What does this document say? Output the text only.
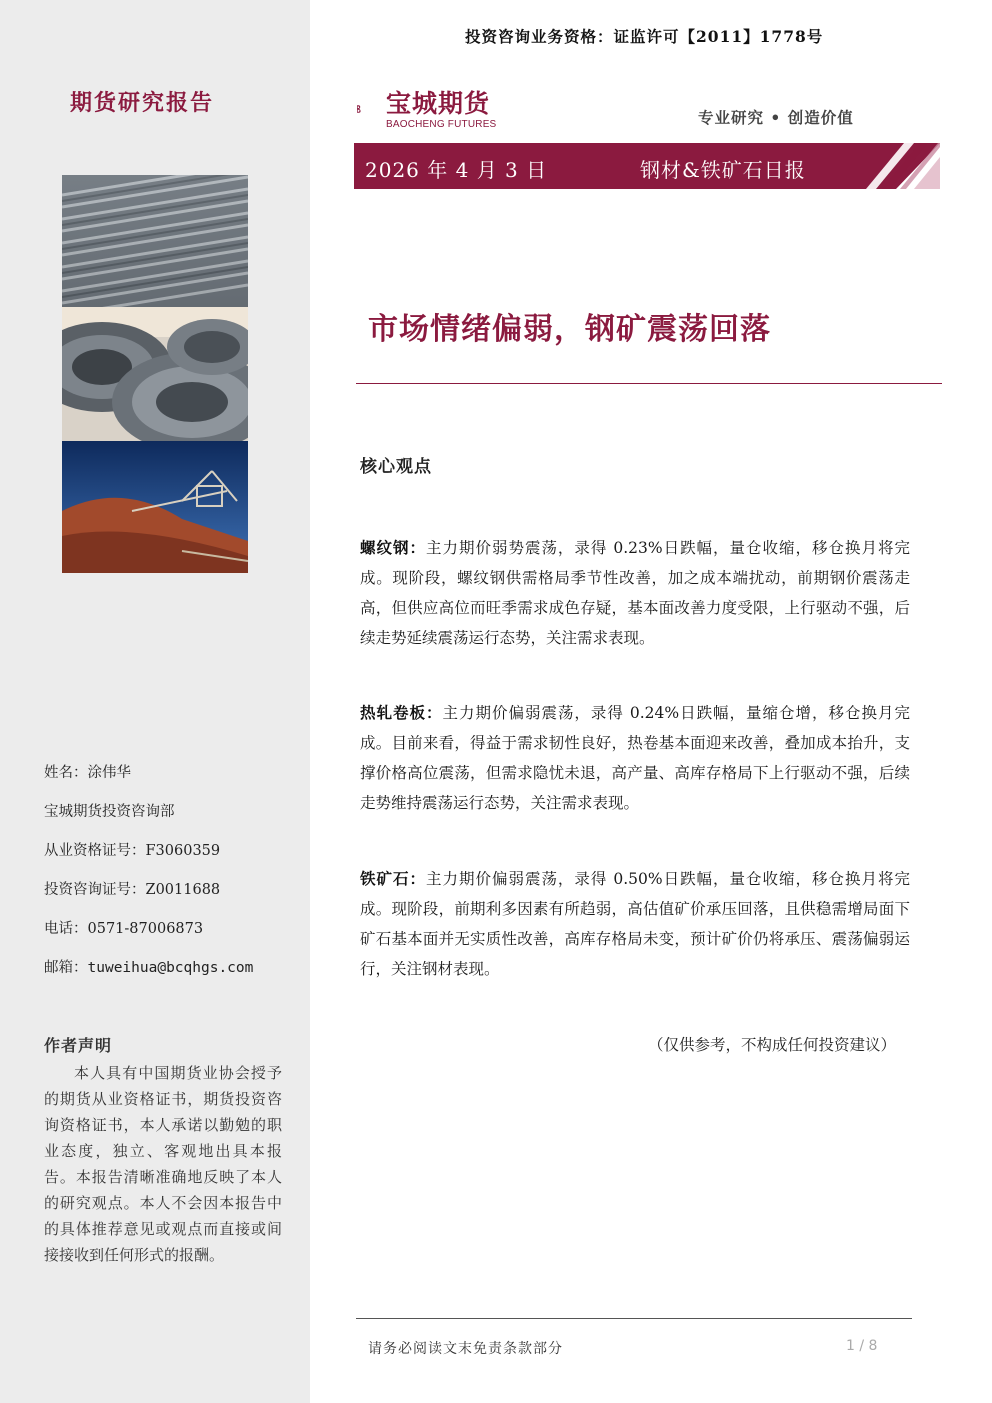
期货研究报告
姓名：涂伟华
宝城期货投资咨询部
从业资格证号：F3060359
投资咨询证号：Z0011688
电话：0571-87006873
邮箱：tuweihua@bcqhgs.com
作者声明
本人具有中国期货业协会授予的期货从业资格证书，期货投资咨询资格证书，本人承诺以勤勉的职业态度，独立、客观地出具本报告。本报告清晰准确地反映了本人的研究观点。本人不会因本报告中的具体推荐意见或观点而直接或间接接收到任何形式的报酬。
投资咨询业务资格：证监许可【2011】1778号
宝城期货
BAOCHENG FUTURES	专业研究 • 创造价值
2026 年 4 月 3 日	钢材&铁矿石日报
市场情绪偏弱，钢矿震荡回落
核心观点
螺纹钢：主力期价弱势震荡，录得 0.23%日跌幅，量仓收缩，移仓换月将完成。现阶段，螺纹钢供需格局季节性改善，加之成本端扰动，前期钢价震荡走高，但供应高位而旺季需求成色存疑，基本面改善力度受限，上行驱动不强，后续走势延续震荡运行态势，关注需求表现。
热轧卷板：主力期价偏弱震荡，录得 0.24%日跌幅，量缩仓增，移仓换月完成。目前来看，得益于需求韧性良好，热卷基本面迎来改善，叠加成本抬升，支撑价格高位震荡，但需求隐忧未退，高产量、高库存格局下上行驱动不强，后续走势维持震荡运行态势，关注需求表现。
铁矿石：主力期价偏弱震荡，录得 0.50%日跌幅，量仓收缩，移仓换月将完成。现阶段，前期利多因素有所趋弱，高估值矿价承压回落，且供稳需增局面下矿石基本面并无实质性改善，高库存格局未变，预计矿价仍将承压、震荡偏弱运行，关注钢材表现。
（仅供参考，不构成任何投资建议）
请务必阅读文末免责条款部分	1 / 8
